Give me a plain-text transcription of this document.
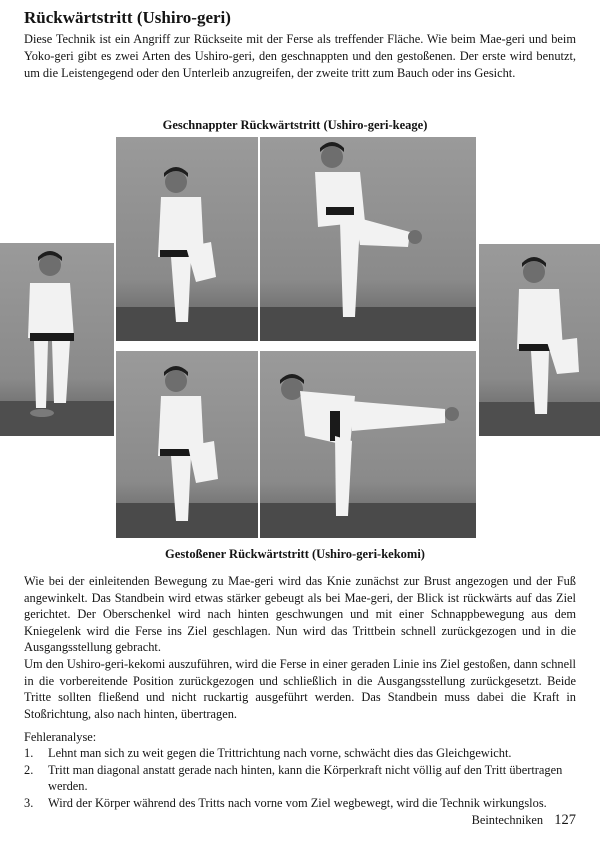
Rückwärtstritt (Ushiro-geri)

Diese Technik ist ein Angriff zur Rückseite mit der Ferse als treffender Fläche. Wie beim Mae-geri und beim Yoko-geri gibt es zwei Arten des Ushiro-geri, den geschnappten und den gestoßenen. Der erste wird benutzt, um die Leistengegend oder den Unterleib anzugreifen, der zweite tritt zum Bauch oder ins Gesicht.

Geschnappter Rückwärtstritt (Ushiro-geri-keage)
Gestoßener Rückwärtstritt (Ushiro-geri-kekomi)

Wie bei der einleitenden Bewegung zu Mae-geri wird das Knie zunächst zur Brust angezogen und der Fuß angewinkelt. Das Standbein wird etwas stärker gebeugt als bei Mae-geri, der Blick ist rückwärts auf das Ziel gerichtet. Der Oberschenkel wird nach hinten geschwungen und mit einer Schnappbewegung aus dem Kniegelenk wird die Ferse ins Ziel geschlagen. Nun wird das Trittbein schnell zurückgezogen und in die Ausgangsstellung gebracht.

Um den Ushiro-geri-kekomi auszuführen, wird die Ferse in einer geraden Linie ins Ziel gestoßen, dann schnell in die vorbereitende Position zurückgezogen und schließlich in die Ausgangsstellung zurückgesetzt. Beide Tritte sollten fließend und nicht ruckartig ausgeführt werden. Das Standbein muss dabei die Kraft in Stoßrichtung, also nach hinten, übertragen.

Fehleranalyse:
1.	Lehnt man sich zu weit gegen die Trittrichtung nach vorne, schwächt dies das Gleichgewicht.
2.	Tritt man diagonal anstatt gerade nach hinten, kann die Körperkraft nicht völlig auf den Tritt übertragen werden.
3.	Wird der Körper während des Tritts nach vorne vom Ziel wegbewegt, wird die Technik wirkungslos.
Beintechniken 127
